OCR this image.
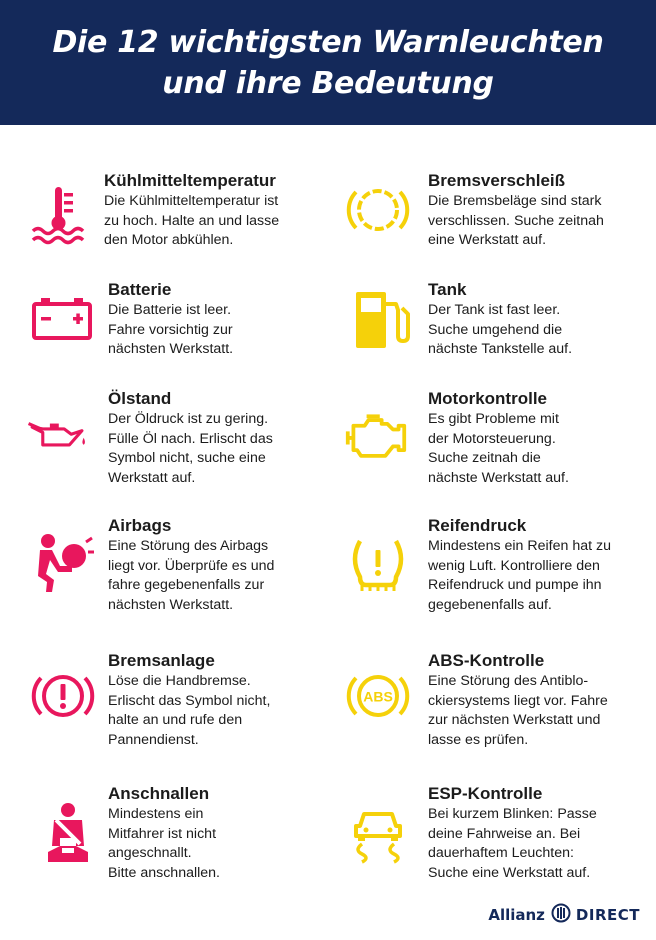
Die 12 wichtigsten Warnleuchten
und ihre Bedeutung
Kühlmitteltemperatur
Die Kühlmitteltemperatur ist
zu hoch. Halte an und lasse
den Motor abkühlen.
Batterie
Die Batterie ist leer.
Fahre vorsichtig zur
nächsten Werkstatt.
Ölstand
Der Öldruck ist zu gering.
Fülle Öl nach. Erlischt das
Symbol nicht, suche eine
Werkstatt auf.
Airbags
Eine Störung des Airbags
liegt vor. Überprüfe es und
fahre gegebenenfalls zur
nächsten Werkstatt.
Bremsanlage
Löse die Handbremse.
Erlischt das Symbol nicht,
halte an und rufe den
Pannendienst.
Anschnallen
Mindestens ein
Mitfahrer ist nicht
angeschnallt.
Bitte anschnallen.
Bremsverschleiß
Die Bremsbeläge sind stark
verschlissen. Suche zeitnah
eine Werkstatt auf.
Tank
Der Tank ist fast leer.
Suche umgehend die
nächste Tankstelle auf.
Motorkontrolle
Es gibt Probleme mit
der Motorsteuerung.
Suche zeitnah die
nächste Werkstatt auf.
Reifendruck
Mindestens ein Reifen hat zu
wenig Luft. Kontrolliere den
Reifendruck und pumpe ihn
gegebenenfalls auf.
ABS
ABS-Kontrolle
Eine Störung des Antiblo-
ckiersystems liegt vor. Fahre
zur nächsten Werkstatt und
lasse es prüfen.
ESP-Kontrolle
Bei kurzem Blinken: Passe
deine Fahrweise an. Bei
dauerhaftem Leuchten:
Suche eine Werkstatt auf.
Allianz DIRECT
